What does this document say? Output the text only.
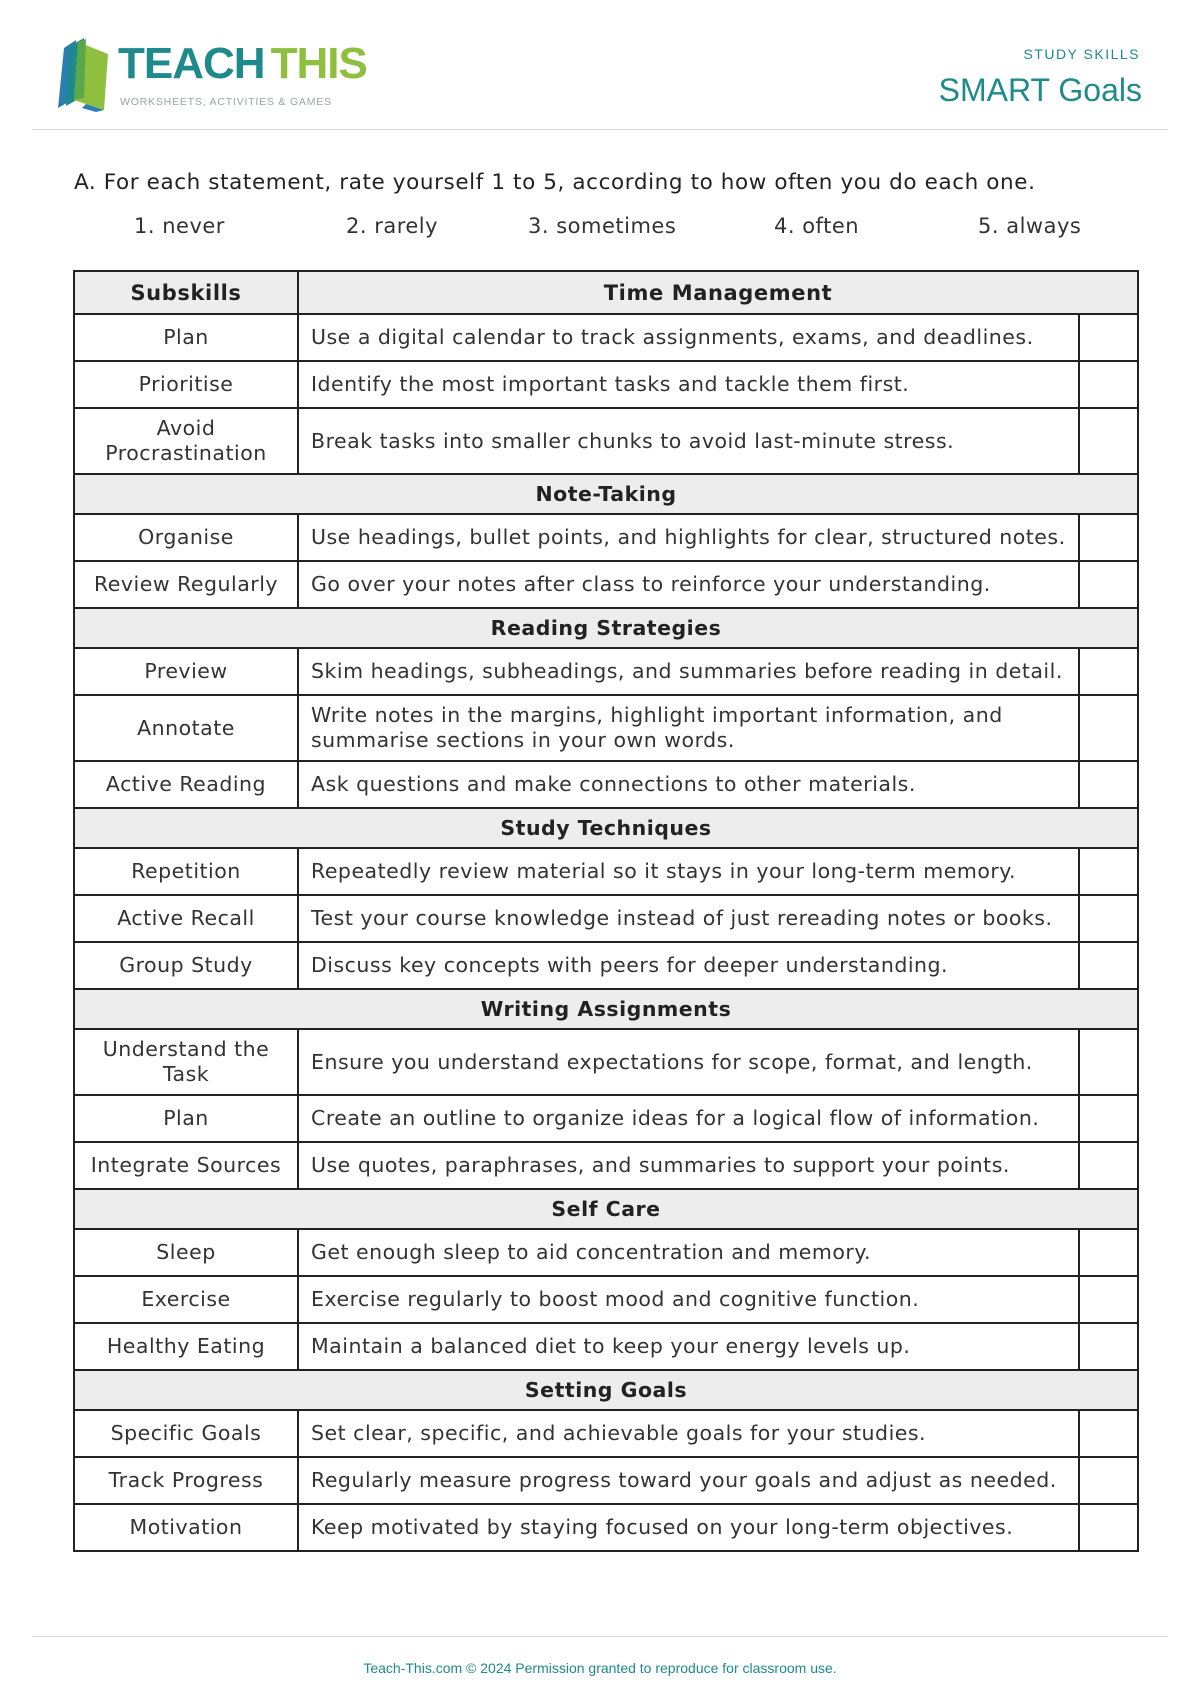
TEACH THIS
WORKSHEETS, ACTIVITIES & GAMES
STUDY SKILLS
SMART Goals
A. For each statement, rate yourself 1 to 5, according to how often you do each one.
1. never	2. rarely	3. sometimes	4. often	5. always
Subskills	Time Management	
Plan	Use a digital calendar to track assignments, exams, and deadlines.	
Prioritise	Identify the most important tasks and tackle them first.	
Avoid Procrastination	Break tasks into smaller chunks to avoid last-minute stress.	
Note-Taking		
Organise	Use headings, bullet points, and highlights for clear, structured notes.	
Review Regularly	Go over your notes after class to reinforce your understanding.	
Reading Strategies		
Preview	Skim headings, subheadings, and summaries before reading in detail.	
Annotate	Write notes in the margins, highlight important information, and summarise sections in your own words.	
Active Reading	Ask questions and make connections to other materials.	
Study Techniques		
Repetition	Repeatedly review material so it stays in your long-term memory.	
Active Recall	Test your course knowledge instead of just rereading notes or books.	
Group Study	Discuss key concepts with peers for deeper understanding.	
Writing Assignments		
Understand the Task	Ensure you understand expectations for scope, format, and length.	
Plan	Create an outline to organize ideas for a logical flow of information.	
Integrate Sources	Use quotes, paraphrases, and summaries to support your points.	
Self Care		
Sleep	Get enough sleep to aid concentration and memory.	
Exercise	Exercise regularly to boost mood and cognitive function.	
Healthy Eating	Maintain a balanced diet to keep your energy levels up.	
Setting Goals		
Specific Goals	Set clear, specific, and achievable goals for your studies.	
Track Progress	Regularly measure progress toward your goals and adjust as needed.	
Motivation	Keep motivated by staying focused on your long-term objectives.	
Teach-This.com © 2024 Permission granted to reproduce for classroom use.
